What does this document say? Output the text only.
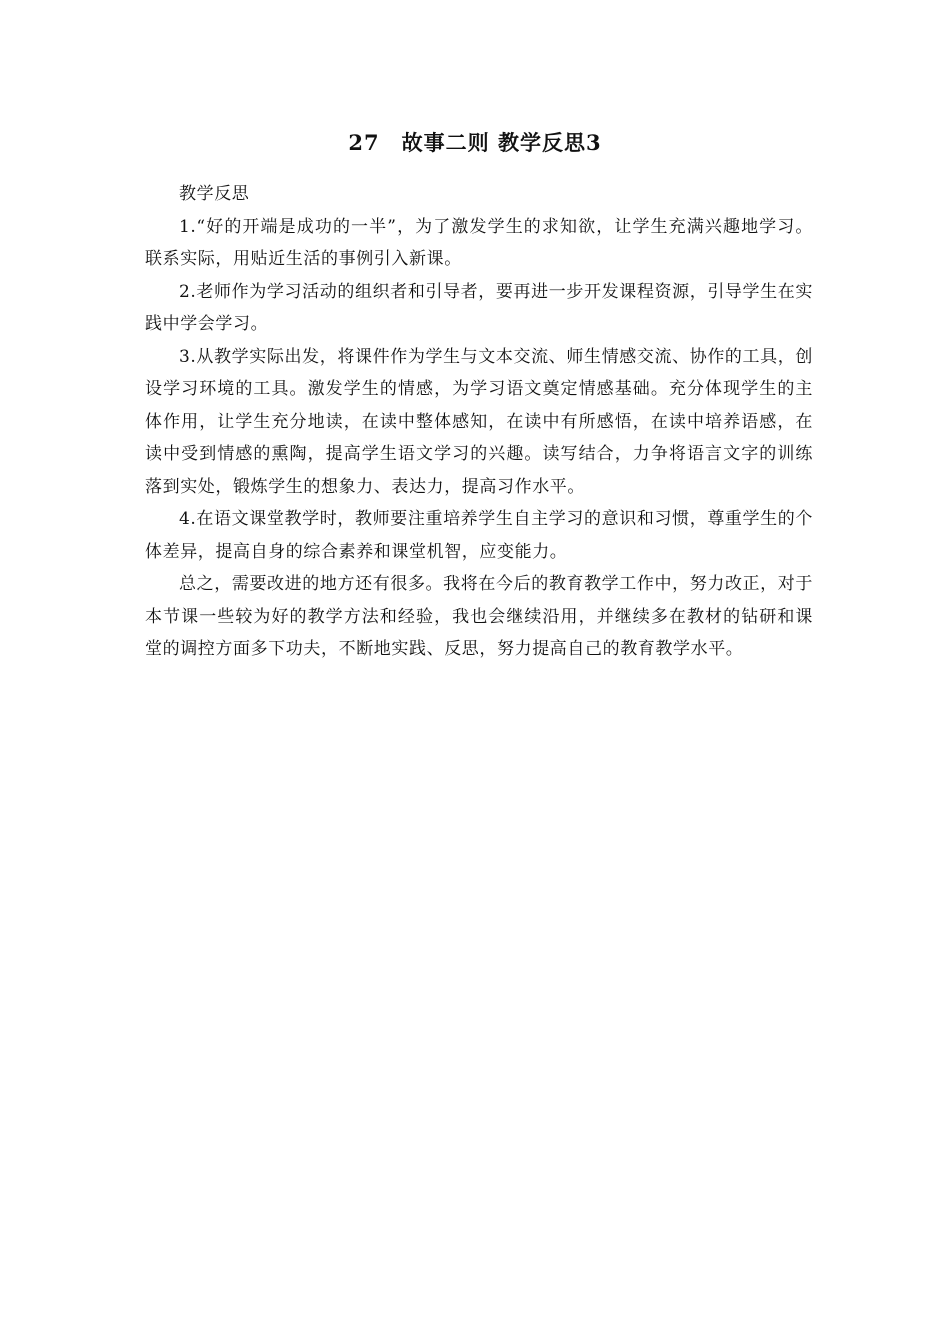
27　故事二则 教学反思3

教学反思

1.“好的开端是成功的一半”，为了激发学生的求知欲，让学生充满兴趣地学习。联系实际，用贴近生活的事例引入新课。

2.老师作为学习活动的组织者和引导者，要再进一步开发课程资源，引导学生在实践中学会学习。

3.从教学实际出发，将课件作为学生与文本交流、师生情感交流、协作的工具，创设学习环境的工具。激发学生的情感，为学习语文奠定情感基础。充分体现学生的主体作用，让学生充分地读，在读中整体感知，在读中有所感悟，在读中培养语感，在读中受到情感的熏陶，提高学生语文学习的兴趣。读写结合，力争将语言文字的训练落到实处，锻炼学生的想象力、表达力，提高习作水平。

4.在语文课堂教学时，教师要注重培养学生自主学习的意识和习惯，尊重学生的个体差异，提高自身的综合素养和课堂机智，应变能力。

总之，需要改进的地方还有很多。我将在今后的教育教学工作中，努力改正，对于本节课一些较为好的教学方法和经验，我也会继续沿用，并继续多在教材的钻研和课堂的调控方面多下功夫，不断地实践、反思，努力提高自己的教育教学水平。
